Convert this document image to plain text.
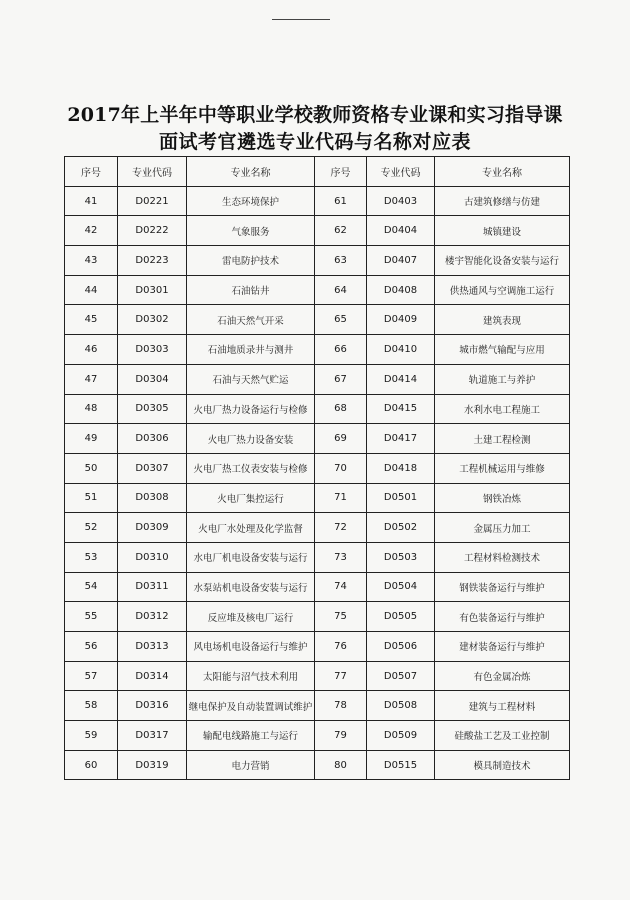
2017年上半年中等职业学校教师资格专业课和实习指导课
面试考官遴选专业代码与名称对应表
序号	专业代码	专业名称	序号	专业代码	专业名称
41	D0221	生态环境保护	61	D0403	古建筑修缮与仿建
42	D0222	气象服务	62	D0404	城镇建设
43	D0223	雷电防护技术	63	D0407	楼宇智能化设备安装与运行
44	D0301	石油钻井	64	D0408	供热通风与空调施工运行
45	D0302	石油天然气开采	65	D0409	建筑表现
46	D0303	石油地质录井与测井	66	D0410	城市燃气输配与应用
47	D0304	石油与天然气贮运	67	D0414	轨道施工与养护
48	D0305	火电厂热力设备运行与检修	68	D0415	水利水电工程施工
49	D0306	火电厂热力设备安装	69	D0417	土建工程检测
50	D0307	火电厂热工仪表安装与检修	70	D0418	工程机械运用与维修
51	D0308	火电厂集控运行	71	D0501	钢铁冶炼
52	D0309	火电厂水处理及化学监督	72	D0502	金属压力加工
53	D0310	水电厂机电设备安装与运行	73	D0503	工程材料检测技术
54	D0311	水泵站机电设备安装与运行	74	D0504	钢铁装备运行与维护
55	D0312	反应堆及核电厂运行	75	D0505	有色装备运行与维护
56	D0313	风电场机电设备运行与维护	76	D0506	建材装备运行与维护
57	D0314	太阳能与沼气技术利用	77	D0507	有色金属冶炼
58	D0316	继电保护及自动装置调试维护	78	D0508	建筑与工程材料
59	D0317	输配电线路施工与运行	79	D0509	硅酸盐工艺及工业控制
60	D0319	电力营销	80	D0515	模具制造技术
